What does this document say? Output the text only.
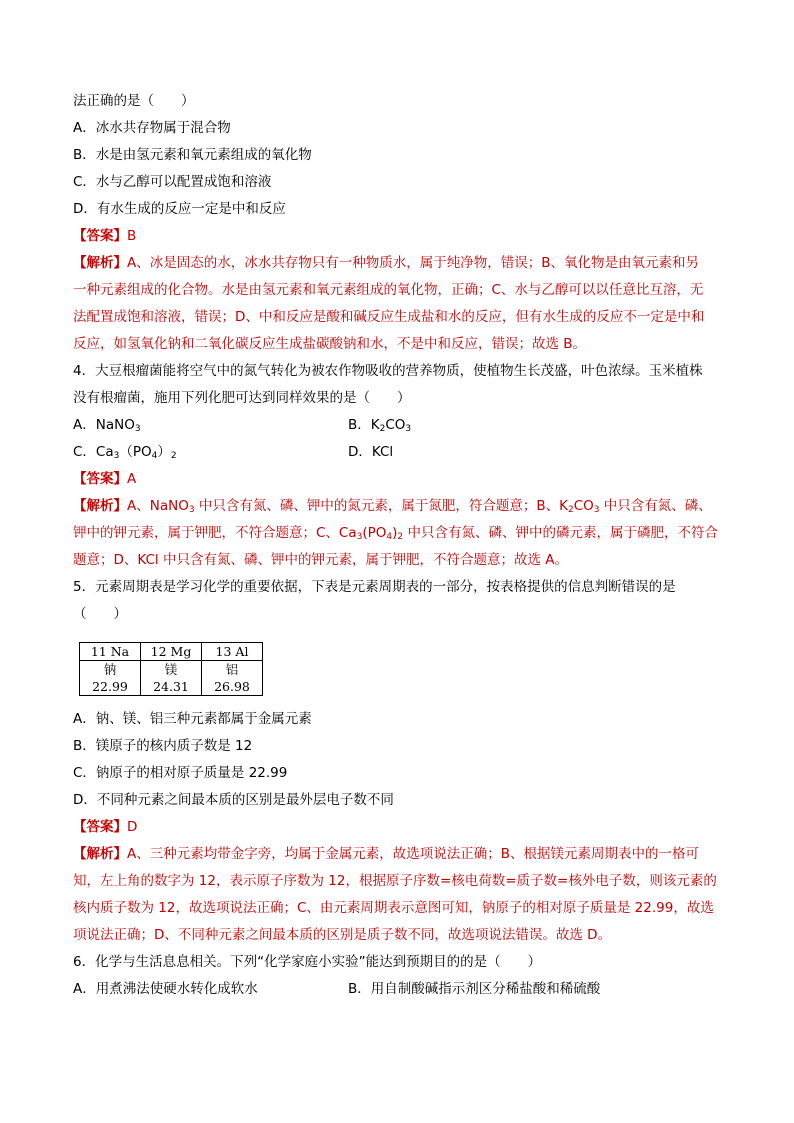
法正确的是（　　）
A．冰水共存物属于混合物
B．水是由氢元素和氧元素组成的氧化物
C．水与乙醇可以配置成饱和溶液
D．有水生成的反应一定是中和反应
【答案】B
【解析】A、冰是固态的水，冰水共存物只有一种物质水，属于纯净物，错误；B、氧化物是由氧元素和另
一种元素组成的化合物。水是由氢元素和氧元素组成的氧化物，正确；C、水与乙醇可以以任意比互溶，无
法配置成饱和溶液，错误；D、中和反应是酸和碱反应生成盐和水的反应，但有水生成的反应不一定是中和
反应，如氢氧化钠和二氧化碳反应生成盐碳酸钠和水，不是中和反应，错误；故选 B。
4．大豆根瘤菌能将空气中的氮气转化为被农作物吸收的营养物质，使植物生长茂盛，叶色浓绿。玉米植株
没有根瘤菌，施用下列化肥可达到同样效果的是（　　）
A．NaNO$_3$	B．$K_2CO_3$
C．$Ca_3(PO_4)_2$	D．KCl
【答案】A
【解析】A、NaNO$_3$ 中只含有氮、磷、钾中的氮元素，属于氮肥，符合题意；B、$K_2CO_3$ 中只含有氮、磷、
钾中的钾元素，属于钾肥，不符合题意；C、$Ca_3(PO_4)_2$ 中只含有氮、磷、钾中的磷元素，属于磷肥，不符合
题意；D、KCl 中只含有氮、磷、钾中的钾元素，属于钾肥，不符合题意；故选 A。
5．元素周期表是学习化学的重要依据，下表是元素周期表的一部分，按表格提供的信息判断错误的是
（　　）
11 Na	12 Mg	13 Al
钠	镁	铝
22.99	24.31	26.98
A．钠、镁、铝三种元素都属于金属元素
B．镁原子的核内质子数是 12
C．钠原子的相对原子质量是 22.99
D．不同种元素之间最本质的区别是最外层电子数不同
【答案】D
【解析】A、三种元素均带金字旁，均属于金属元素，故选项说法正确；B、根据镁元素周期表中的一格可
知，左上角的数字为 12，表示原子序数为 12，根据原子序数=核电荷数=质子数=核外电子数，则该元素的
核内质子数为 12，故选项说法正确；C、由元素周期表示意图可知，钠原子的相对原子质量是 22.99，故选
项说法正确；D、不同种元素之间最本质的区别是质子数不同，故选项说法错误。故选 D。
6．化学与生活息息相关。下列“化学家庭小实验”能达到预期目的的是（　　）
A．用煮沸法使硬水转化成软水	B．用自制酸碱指示剂区分稀盐酸和稀硫酸
